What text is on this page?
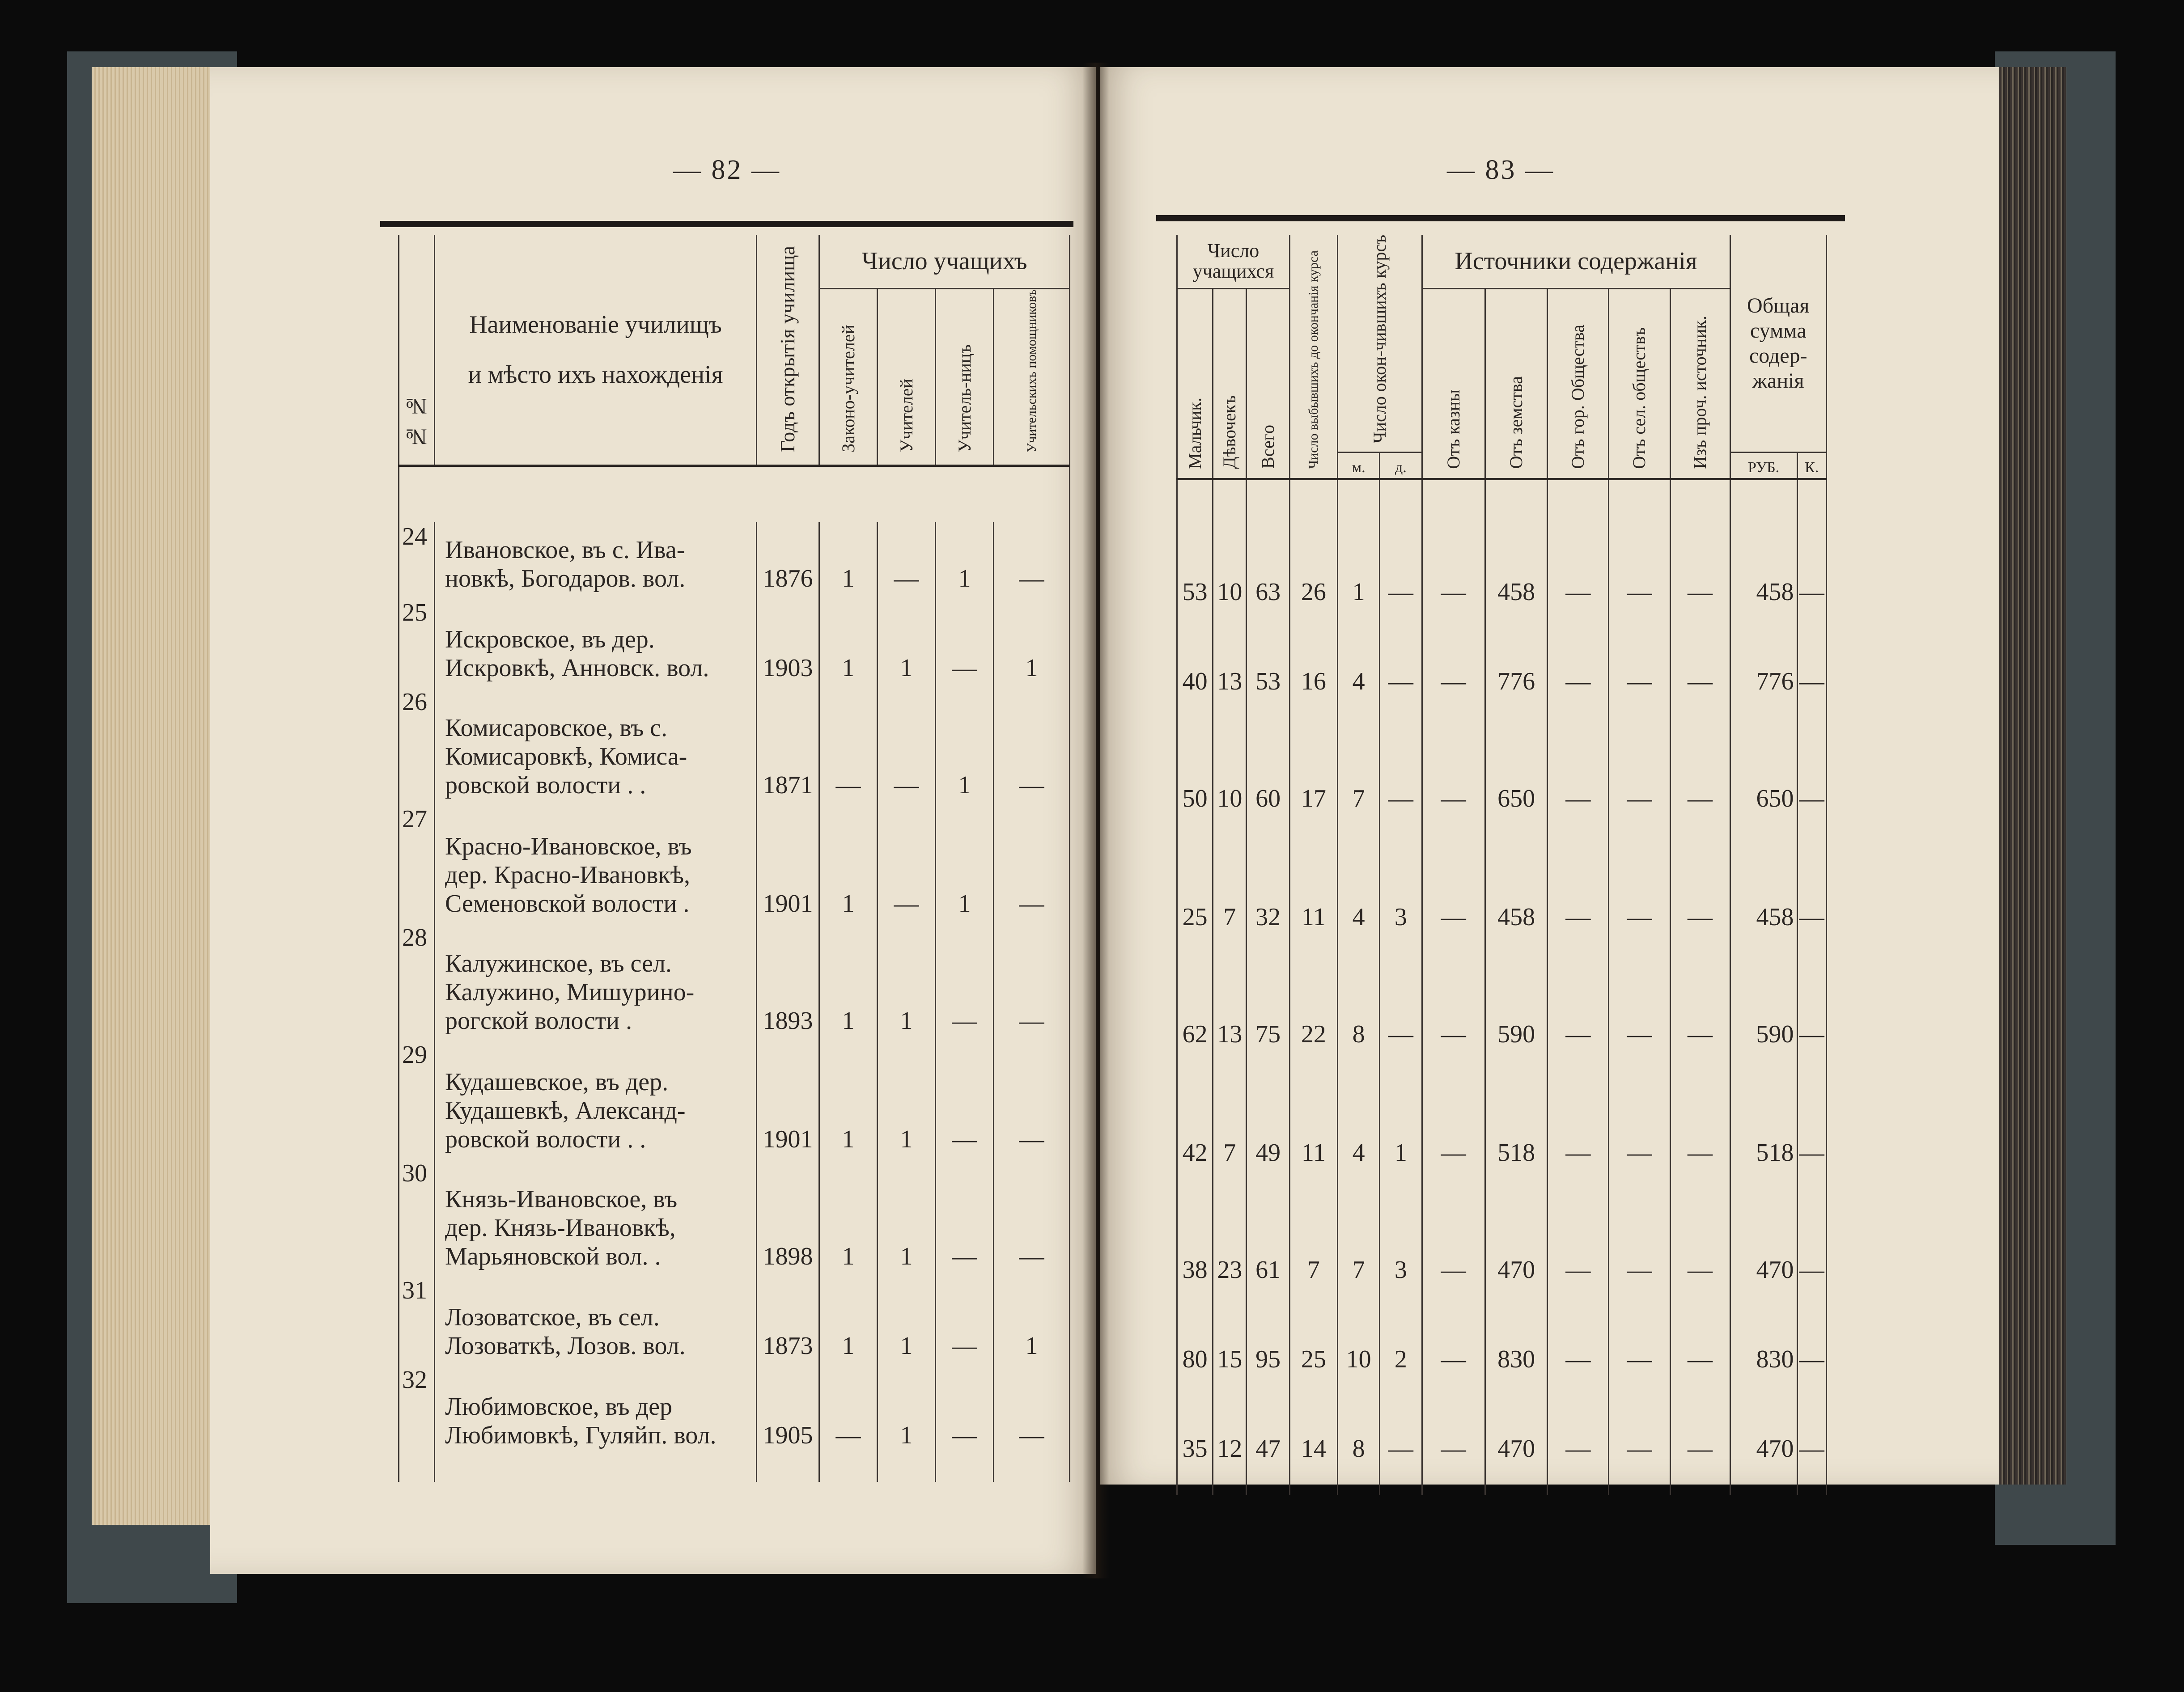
— 82 —	— 83 —
№ №	Наименованіе училищъ
и мѣсто ихъ нахожденія	Годъ открытія училища	Число учащихъ			
			Законо-учителей	Учителей	Учитель-ницъ	Учительскихъ помощниковъ

24	Ивановское, въ с. Ива-
новкѣ, Богодаров. вол.	1876	1	—	1	—
25	Искровское, въ дер.
Искровкѣ, Анновск. вол.	1903	1	1	—	1
26	Комисаровское, въ с.
Комисаровкѣ, Комиса-
ровской волости . .	1871	—	—	1	—
27	Красно-Ивановское, въ
дер. Красно-Ивановкѣ,
Семеновской волости .	1901	1	—	1	—
28	Калужинское, въ сел.
Калужино, Мишурино-
рогской волости .	1893	1	1	—	—
29	Кудашевское, въ дер.
Кудашевкѣ, Александ-
ровской волости . .	1901	1	1	—	—
30	Князь-Ивановское, въ
дер. Князь-Ивановкѣ,
Марьяновской вол. .	1898	1	1	—	—
31	Лозоватское, въ сел.
Лозоваткѣ, Лозов. вол.	1873	1	1	—	1
32	Любимовское, въ дер
Любимовкѣ, Гуляйп. вол.	1905	—	1	—	—

Число учащихся			Число выбывшихъ до окончанія курса	Число окон-чившихъ курсъ		Источники содержанія					Общая сумма содер-жанія	
Мальчик.	Дѣвочекъ	Всего				Отъ казны	Отъ земства	Отъ гор. Общества	Отъ сел. обществъ	Изъ проч. источник.		
				м.	д.						РУБ.	К.

53	10	63	26	1	—	—	458	—	—	—	458	—
40	13	53	16	4	—	—	776	—	—	—	776	—
50	10	60	17	7	—	—	650	—	—	—	650	—
25	7	32	11	4	3	—	458	—	—	—	458	—
62	13	75	22	8	—	—	590	—	—	—	590	—
42	7	49	11	4	1	—	518	—	—	—	518	—
38	23	61	7	7	3	—	470	—	—	—	470	—
80	15	95	25	10	2	—	830	—	—	—	830	—
35	12	47	14	8	—	—	470	—	—	—	470	—
